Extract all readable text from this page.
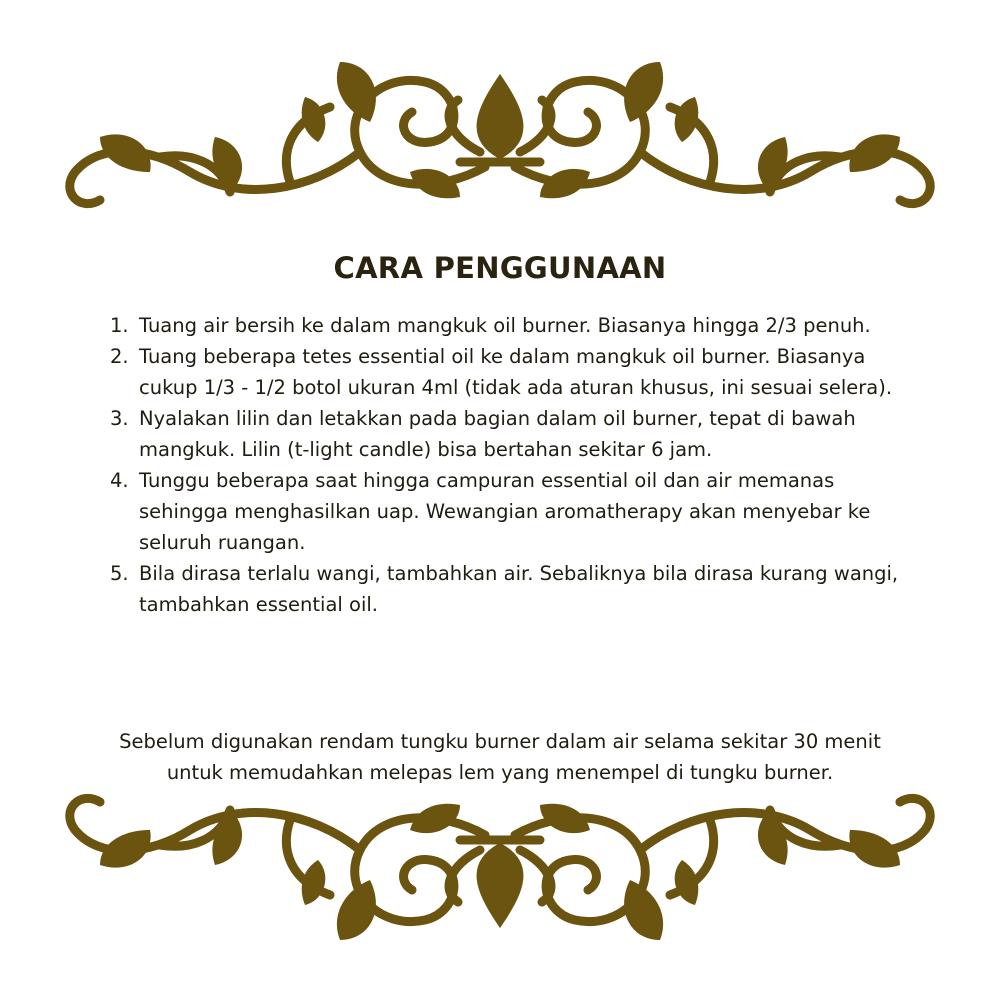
CARA PENGGUNAAN
1. Tuang air bersih ke dalam mangkuk oil burner. Biasanya hingga 2/3 penuh.
2. Tuang beberapa tetes essential oil ke dalam mangkuk oil burner. Biasanya cukup 1/3 - 1/2 botol ukuran 4ml (tidak ada aturan khusus, ini sesuai selera).
3. Nyalakan lilin dan letakkan pada bagian dalam oil burner, tepat di bawah mangkuk. Lilin (t-light candle) bisa bertahan sekitar 6 jam.
4. Tunggu beberapa saat hingga campuran essential oil dan air memanas sehingga menghasilkan uap. Wewangian aromatherapy akan menyebar ke seluruh ruangan.
5. Bila dirasa terlalu wangi, tambahkan air. Sebaliknya bila dirasa kurang wangi, tambahkan essential oil.

Sebelum digunakan rendam tungku burner dalam air selama sekitar 30 menit untuk memudahkan melepas lem yang menempel di tungku burner.
